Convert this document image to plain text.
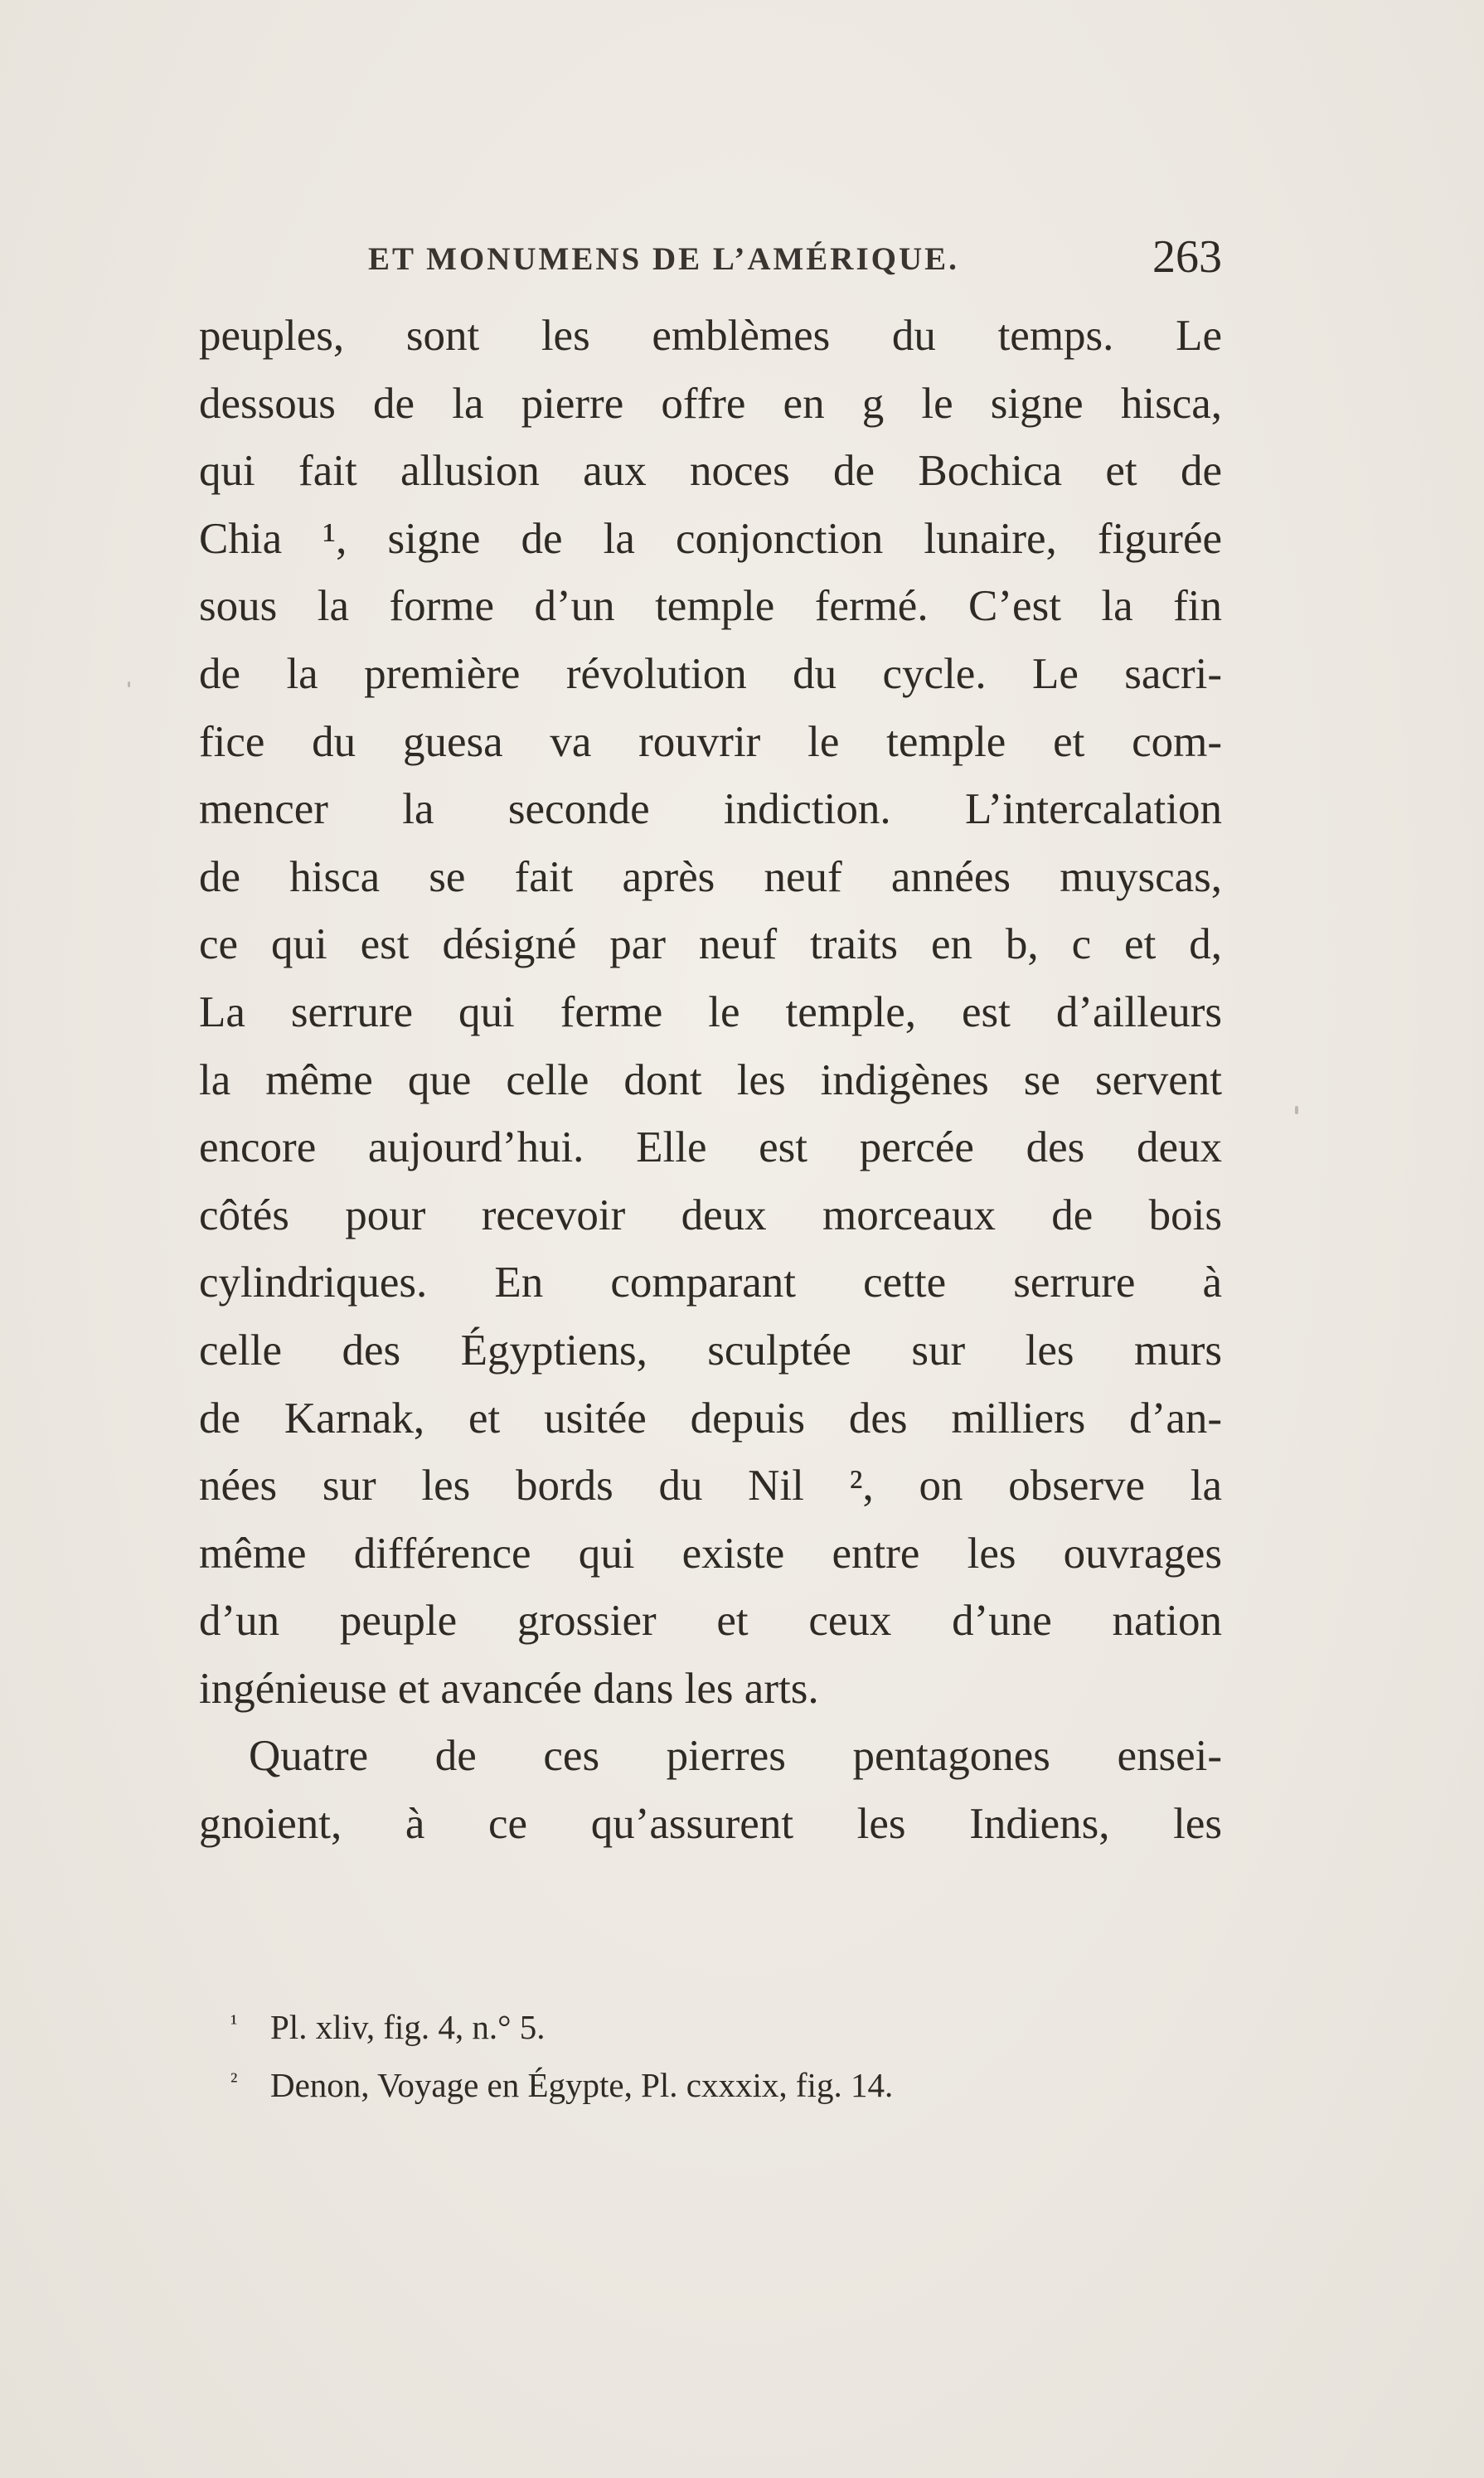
ET MONUMENS DE L’AMÉRIQUE.	263
peuples, sont les emblèmes du temps. Le
dessous de la pierre offre en g le signe hisca,
qui fait allusion aux noces de Bochica et de
Chia ¹, signe de la conjonction lunaire, figurée
sous la forme d’un temple fermé. C’est la fin
de la première révolution du cycle. Le sacri-
fice du guesa va rouvrir le temple et com-
mencer la seconde indiction. L’intercalation
de hisca se fait après neuf années muyscas,
ce qui est désigné par neuf traits en b, c et d,
La serrure qui ferme le temple, est d’ailleurs
la même que celle dont les indigènes se servent
encore aujourd’hui. Elle est percée des deux
côtés pour recevoir deux morceaux de bois
cylindriques. En comparant cette serrure à
celle des Égyptiens, sculptée sur les murs
de Karnak, et usitée depuis des milliers d’an-
nées sur les bords du Nil ², on observe la
même différence qui existe entre les ouvrages
d’un peuple grossier et ceux d’une nation
ingénieuse et avancée dans les arts.
Quatre de ces pierres pentagones ensei-
gnoient, à ce qu’assurent les Indiens, les
¹ Pl. xliv, fig. 4, n.° 5.
² Denon, Voyage en Égypte, Pl. cxxxix, fig. 14.
